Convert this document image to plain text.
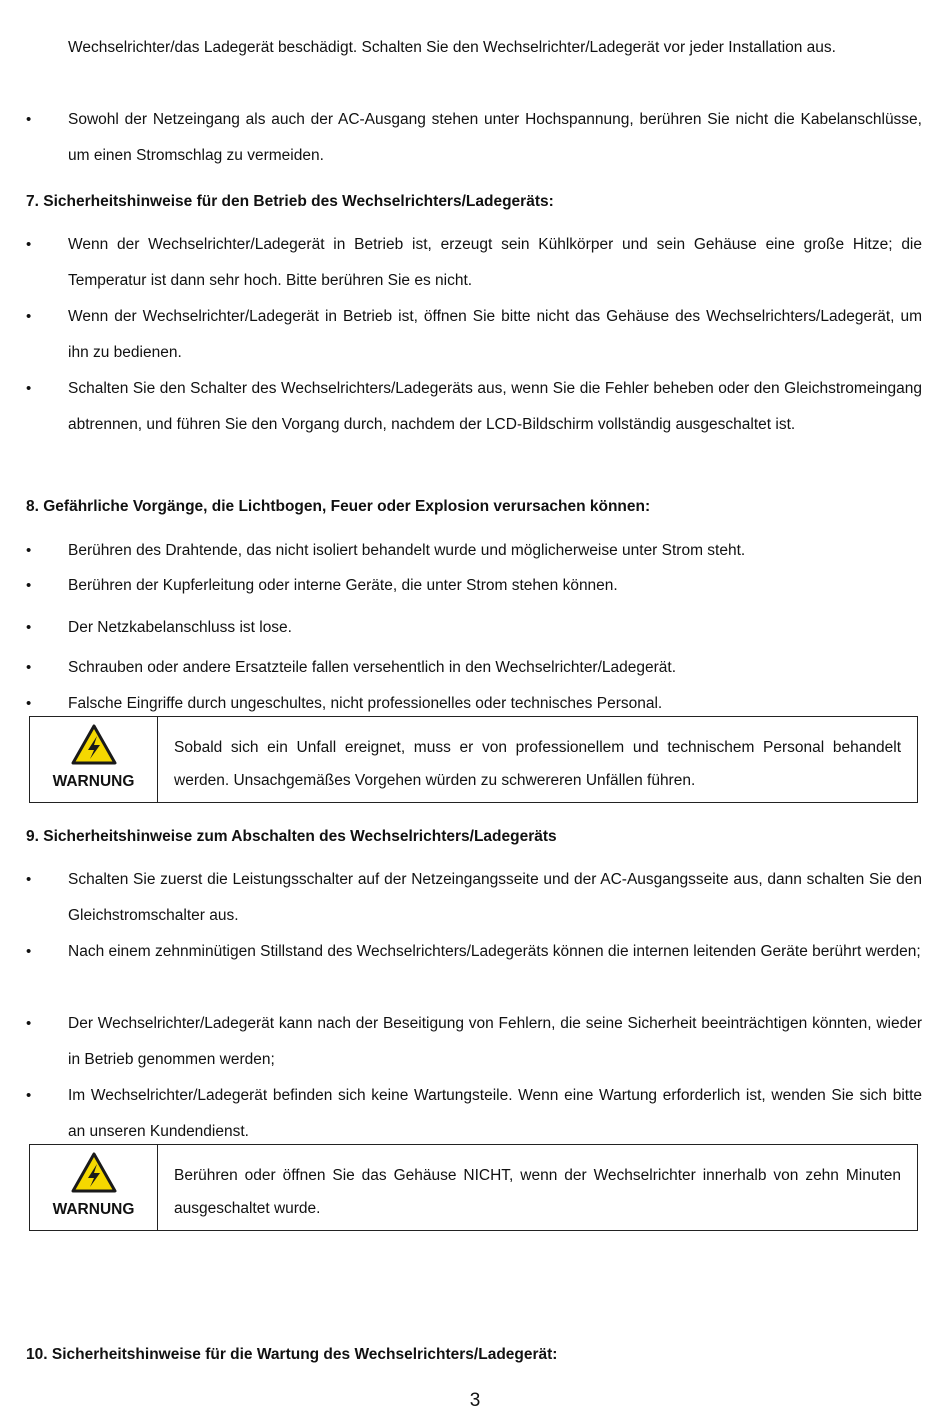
Wechselrichter/das Ladegerät beschädigt. Schalten Sie den Wechselrichter/Ladegerät vor jeder Installation aus.
•	Sowohl der Netzeingang als auch der AC-Ausgang stehen unter Hochspannung, berühren Sie nicht die Kabelanschlüsse, um einen Stromschlag zu vermeiden.
7. Sicherheitshinweise für den Betrieb des Wechselrichters/Ladegeräts:
•	Wenn der Wechselrichter/Ladegerät in Betrieb ist, erzeugt sein Kühlkörper und sein Gehäuse eine große Hitze; die Temperatur ist dann sehr hoch. Bitte berühren Sie es nicht.
•	Wenn der Wechselrichter/Ladegerät in Betrieb ist, öffnen Sie bitte nicht das Gehäuse des Wechselrichters/Ladegerät, um ihn zu bedienen.
•	Schalten Sie den Schalter des Wechselrichters/Ladegeräts aus, wenn Sie die Fehler beheben oder den Gleichstromeingang abtrennen, und führen Sie den Vorgang durch, nachdem der LCD-Bildschirm vollständig ausgeschaltet ist.
8. Gefährliche Vorgänge, die Lichtbogen, Feuer oder Explosion verursachen können:
•	Berühren des Drahtende, das nicht isoliert behandelt wurde und möglicherweise unter Strom steht.
•	Berühren der Kupferleitung oder interne Geräte, die unter Strom stehen können.
•	Der Netzkabelanschluss ist lose.
•	Schrauben oder andere Ersatzteile fallen versehentlich in den Wechselrichter/Ladegerät.
•	Falsche Eingriffe durch ungeschultes, nicht professionelles oder technisches Personal.
WARNUNG
Sobald sich ein Unfall ereignet, muss er von professionellem und technischem Personal behandelt werden. Unsachgemäßes Vorgehen würden zu schwereren Unfällen führen.
9. Sicherheitshinweise zum Abschalten des Wechselrichters/Ladegeräts
•	Schalten Sie zuerst die Leistungsschalter auf der Netzeingangsseite und der AC-Ausgangsseite aus, dann schalten Sie den Gleichstromschalter aus.
•	Nach einem zehnminütigen Stillstand des Wechselrichters/Ladegeräts können die internen leitenden Geräte berührt werden;
•	Der Wechselrichter/Ladegerät kann nach der Beseitigung von Fehlern, die seine Sicherheit beeinträchtigen könnten, wieder in Betrieb genommen werden;
•	Im Wechselrichter/Ladegerät befinden sich keine Wartungsteile. Wenn eine Wartung erforderlich ist, wenden Sie sich bitte an unseren Kundendienst.
WARNUNG
Berühren oder öffnen Sie das Gehäuse NICHT, wenn der Wechselrichter innerhalb von zehn Minuten ausgeschaltet wurde.
10. Sicherheitshinweise für die Wartung des Wechselrichters/Ladegerät:
3
